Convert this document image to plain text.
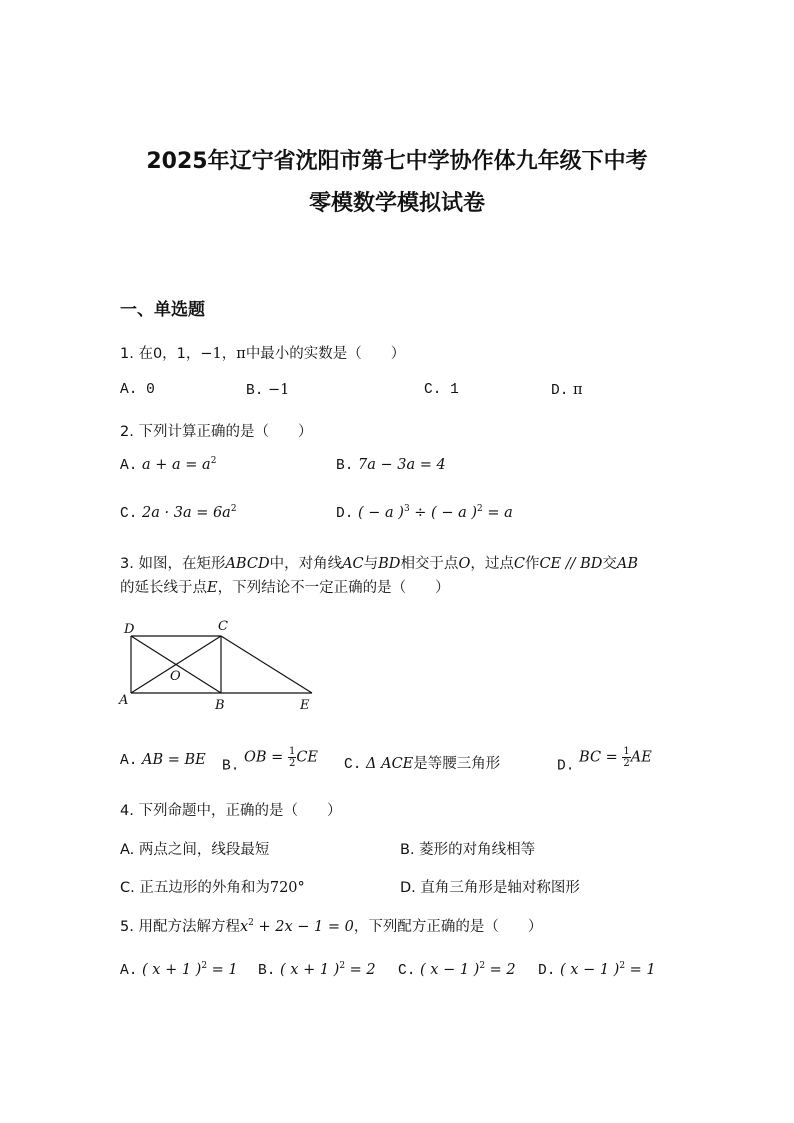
2025年辽宁省沈阳市第七中学协作体九年级下中考
零模数学模拟试卷
一、单选题
1. 在0，1，−1，π中最小的实数是（　　）
A. 0	B. −1	C. 1	D. π
2. 下列计算正确的是（　　）
A. $a + a = a^2$	B. 7a − 3a = 4
C. $2a \cdot 3a = 6a^2$	D. ( − a )$^3$ ÷ ( − a )$^2$ = a
3. 如图，在矩形ABCD中，对角线AC与BD相交于点O，过点C作CE // BD交AB
的延长线于点E，下列结论不一定正确的是（　　）
D	C
O
A	B	E
A. AB = BE B. OB = $\frac{1}{2}$ CE C. Δ ACE是等腰三角形	D. BC = $\frac{1}{2}$ AE
4. 下列命题中，正确的是（　　）
A. 两点之间，线段最短	B. 菱形的对角线相等
C. 正五边形的外角和为720°	D. 直角三角形是轴对称图形
5. 用配方法解方程$x^2 + 2x - 1 = 0$，下列配方正确的是（　　）
A. ( x + 1 )$^2$ = 1 B. ( x + 1 )$^2$ = 2 C. ( x − 1 )$^2$ = 2 D. ( x − 1 )$^2$ = 1
